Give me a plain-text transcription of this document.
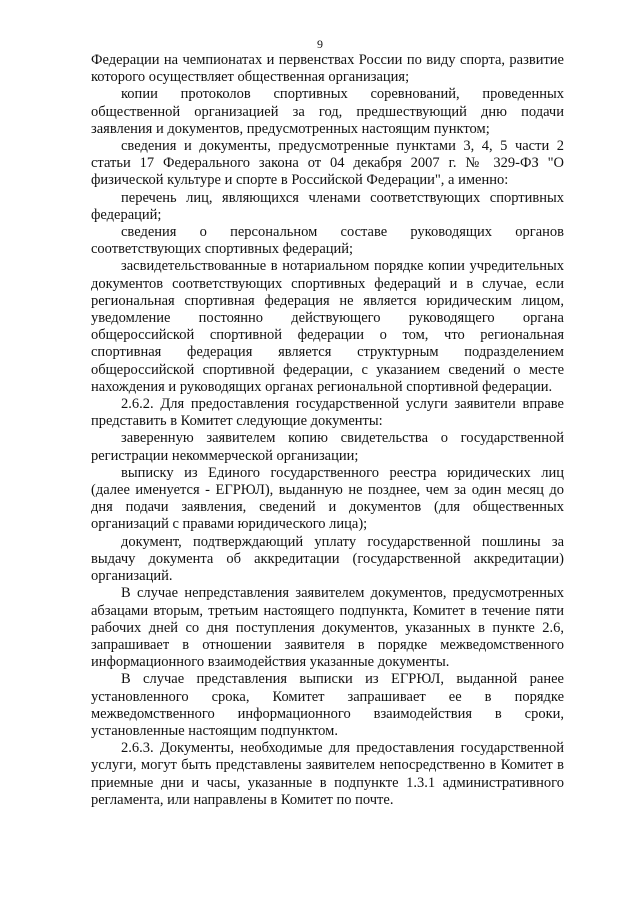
9

Федерации на чемпионатах и первенствах России по виду спорта, развитие которого осуществляет общественная организация;

копии протоколов спортивных соревнований, проведенных общественной организацией за год, предшествующий дню подачи заявления и документов, предусмотренных настоящим пунктом;

сведения и документы, предусмотренные пунктами 3, 4, 5 части 2 статьи 17 Федерального закона от 04 декабря 2007 г. № 329-ФЗ "О физической культуре и спорте в Российской Федерации", а именно:

перечень лиц, являющихся членами соответствующих спортивных федераций;

сведения о персональном составе руководящих органов соответствующих спортивных федераций;

засвидетельствованные в нотариальном порядке копии учредительных документов соответствующих спортивных федераций и в случае, если региональная спортивная федерация не является юридическим лицом, уведомление постоянно действующего руководящего органа общероссийской спортивной федерации о том, что региональная спортивная федерация является структурным подразделением общероссийской спортивной федерации, с указанием сведений о месте нахождения и руководящих органах региональной спортивной федерации.

2.6.2. Для предоставления государственной услуги заявители вправе представить в Комитет следующие документы:

заверенную заявителем копию свидетельства о государственной регистрации некоммерческой организации;

выписку из Единого государственного реестра юридических лиц (далее именуется - ЕГРЮЛ), выданную не позднее, чем за один месяц до дня подачи заявления, сведений и документов (для общественных организаций с правами юридического лица);

документ, подтверждающий уплату государственной пошлины за выдачу документа об аккредитации (государственной аккредитации) организаций.

В случае непредставления заявителем документов, предусмотренных абзацами вторым, третьим настоящего подпункта, Комитет в течение пяти рабочих дней со дня поступления документов, указанных в пункте 2.6, запрашивает в отношении заявителя в порядке межведомственного информационного взаимодействия указанные документы.

В случае представления выписки из ЕГРЮЛ, выданной ранее установленного срока, Комитет запрашивает ее в порядке межведомственного информационного взаимодействия в сроки, установленные настоящим подпунктом.

2.6.3. Документы, необходимые для предоставления государственной услуги, могут быть представлены заявителем непосредственно в Комитет в приемные дни и часы, указанные в подпункте 1.3.1 административного регламента, или направлены в Комитет по почте.
